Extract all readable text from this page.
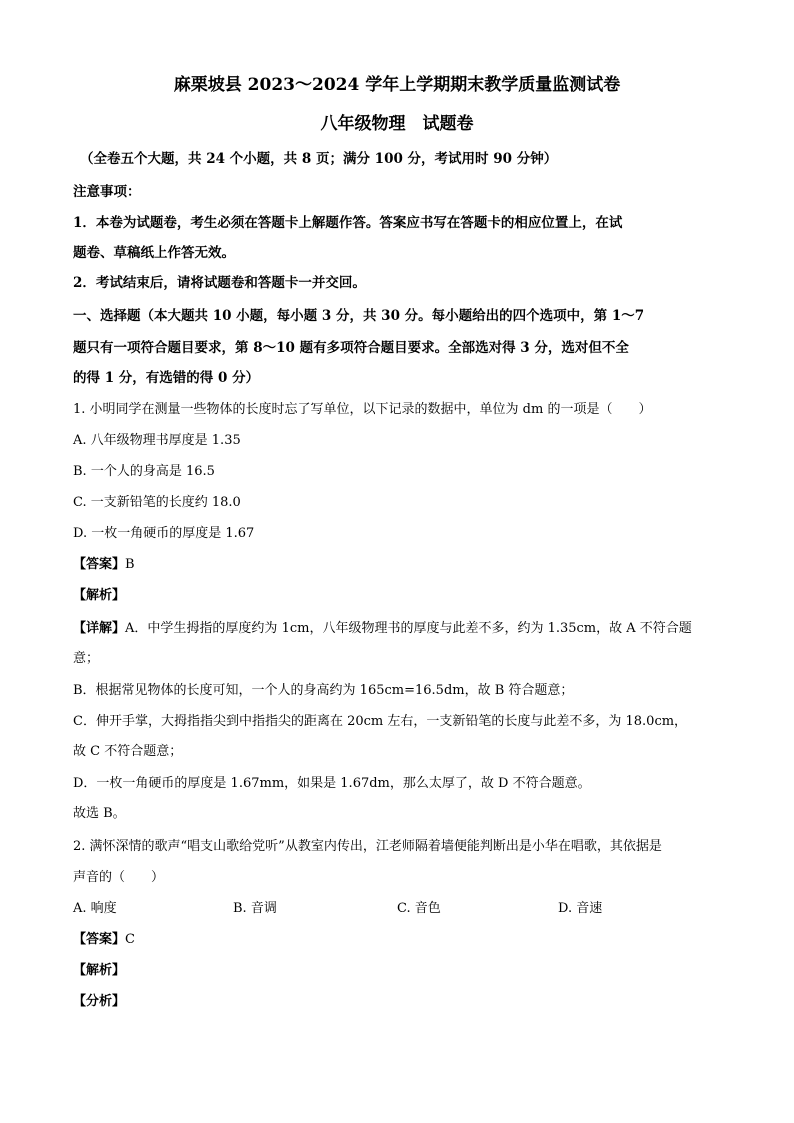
麻栗坡县 2023～2024 学年上学期期末教学质量监测试卷
八年级物理　试题卷
（全卷五个大题，共 24 个小题，共 8 页；满分 100 分，考试用时 90 分钟）
注意事项：
1．本卷为试题卷，考生必须在答题卡上解题作答。答案应书写在答题卡的相应位置上，在试
题卷、草稿纸上作答无效。
2．考试结束后，请将试题卷和答题卡一并交回。
一、选择题（本大题共 10 小题，每小题 3 分，共 30 分。每小题给出的四个选项中，第 1～7
题只有一项符合题目要求，第 8～10 题有多项符合题目要求。全部选对得 3 分，选对但不全
的得 1 分，有选错的得 0 分）
1. 小明同学在测量一些物体的长度时忘了写单位，以下记录的数据中，单位为 dm 的一项是（　　）
A. 八年级物理书厚度是 1.35
B. 一个人的身高是 16.5
C. 一支新铅笔的长度约 18.0
D. 一枚一角硬币的厚度是 1.67
【答案】B
【解析】
【详解】A．中学生拇指的厚度约为 1cm，八年级物理书的厚度与此差不多，约为 1.35cm，故 A 不符合题
意；
B．根据常见物体的长度可知，一个人的身高约为 165cm=16.5dm，故 B 符合题意；
C．伸开手掌，大拇指指尖到中指指尖的距离在 20cm 左右，一支新铅笔的长度与此差不多，为 18.0cm，
故 C 不符合题意；
D．一枚一角硬币的厚度是 1.67mm，如果是 1.67dm，那么太厚了，故 D 不符合题意。
故选 B。
2. 满怀深情的歌声“唱支山歌给党听”从教室内传出，江老师隔着墙便能判断出是小华在唱歌，其依据是
声音的（　　）
A. 响度	B. 音调	C. 音色	D. 音速
【答案】C
【解析】
【分析】
